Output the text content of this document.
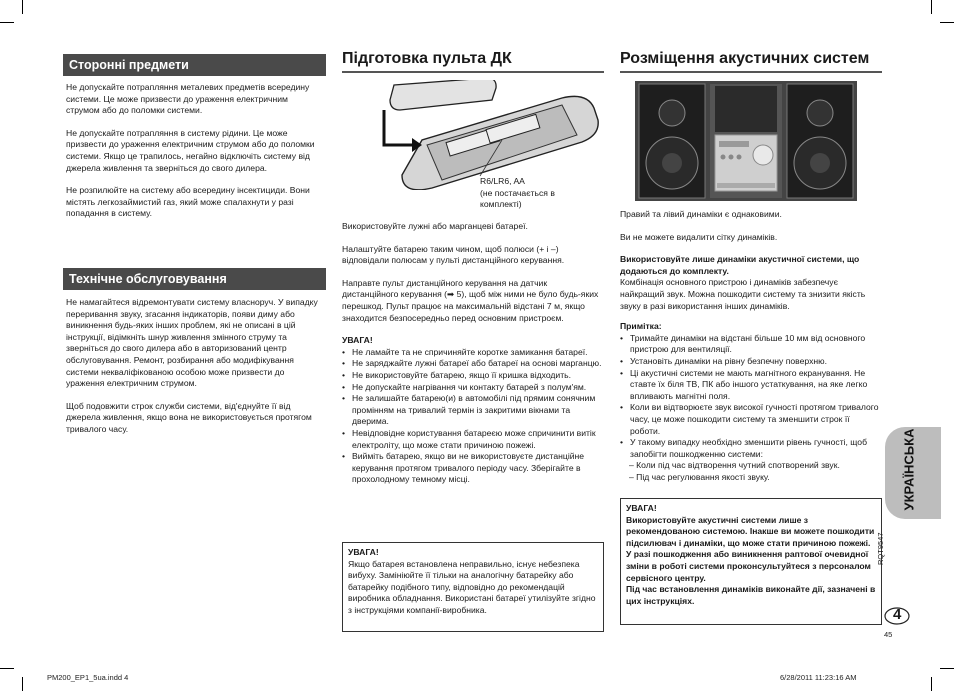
Сторонні предмети

Не допускайте потрапляння металевих предметів всередину системи. Це може призвести до ураження електричним струмом або до поломки системи.

Не допускайте потрапляння в систему рідини. Це може призвести до ураження електричним струмом або до поломки системи. Якщо це трапилось, негайно відключіть систему від джерела живлення та зверніться до свого дилера.

Не розпилюйте на систему або всередину інсектициди. Вони містять легкозаймистий газ, який може спалахнути у разі попадання в систему.

Технічне обслуговування

Не намагайтеся відремонтувати систему власноруч. У випадку переривання звуку, згасання індикаторів, появи диму або виникнення будь-яких інших проблем, які не описані в цій інструкції, відімкніть шнур живлення змінного струму та зверніться до свого дилера або в авторизований центр обслуговування. Ремонт, розбирання або модифікування системи некваліфікованою особою може призвести до ураження електричним струмом.

Щоб подовжити строк служби системи, від'єднуйте її від джерела живлення, якщо вона не використовується протягом тривалого часу.

Підготовка пульта ДК
R6/LR6, AA
(не постачається в комплекті)

Використовуйте лужні або марганцеві батареї.

Налаштуйте батарею таким чином, щоб полюси (+ і –) відповідали полюсам у пульті дистанційного керування.

Направте пульт дистанційного керування на датчик дистанційного керування (➡ 5), щоб між ними не було будь-яких перешкод. Пульт працює на максимальній відстані 7 м, якщо знаходится безпосередньо перед основним пристроєм.

УВАГА!
• Не ламайте та не спричиняйте коротке замикання батареї.
• Не заряджайте лужні батареї або батареї на основі марганцю.
• Не використовуйте батарею, якщо її кришка відходить.
• Не допускайте нагрівання чи контакту батарей з полум'ям.
• Не залишайте батарею(и) в автомобілі під прямим сонячним промінням на тривалий термін із закритими вікнами та дверима.
• Невідповідне користування батареєю може спричинити витік електроліту, що може стати причиною пожежі.
• Вийміть батарею, якщо ви не використовуєте дистанційне керування протягом тривалого періоду часу. Зберігайте в прохолодному темному місці.
УВАГА!
Якщо батарея встановлена неправильно, існує небезпека вибуху. Замініюйте її тільки на аналогічну батарейку або батарейку подібного типу, відповідно до рекомендацій виробника обладнання. Використані батареї утилізуйте згідно з інструкціями компанії-виробника.
Розміщення акустичних систем

Правий та лівий динаміки є однаковими.

Ви не можете видалити сітку динаміків.

Використовуйте лише динаміки акустичної системи, що додаються до комплекту.
Комбінація основного пристрою і динаміків забезпечує найкращий звук. Можна пошкодити систему та знизити якість звуку в разі використання інших динаміків.

Примітка:
• Тримайте динаміки на відстані більше 10 мм від основного пристрою для вентиляції.
• Установіть динаміки на рівну безпечну поверхню.
• Ці акустичні системи не мають магнітного екранування. Не ставте їх біля ТВ, ПК або іншого устаткування, на яке легко впливають магнітні поля.
• Коли ви відтворюєте звук високої гучності протягом тривалого часу, це може пошкодити систему та зменшити строк її роботи.
• У такому випадку необхідно зменшити рівень гучності, щоб запобігти пошкодженню системи:
– Коли під час відтворення чутний спотворений звук.
– Під час регулювання якості звуку.
УВАГА!
Використовуйте акустичні системи лише з рекомендованою системою. Інакше ви можете пошкодити підсилювач і динаміки, що може стати причиною пожежі. У разі пошкодження або виникнення раптової очевидної зміни в роботі системи проконсультуйтеся з персоналом сервісного центру.
Під час встановлення динаміків виконайте дії, зазначені в цих інструкціях.
УКРАЇНСЬКА
RQT9547
4
45
PM200_EP1_5ua.indd 4	6/28/2011 11:23:16 AM
